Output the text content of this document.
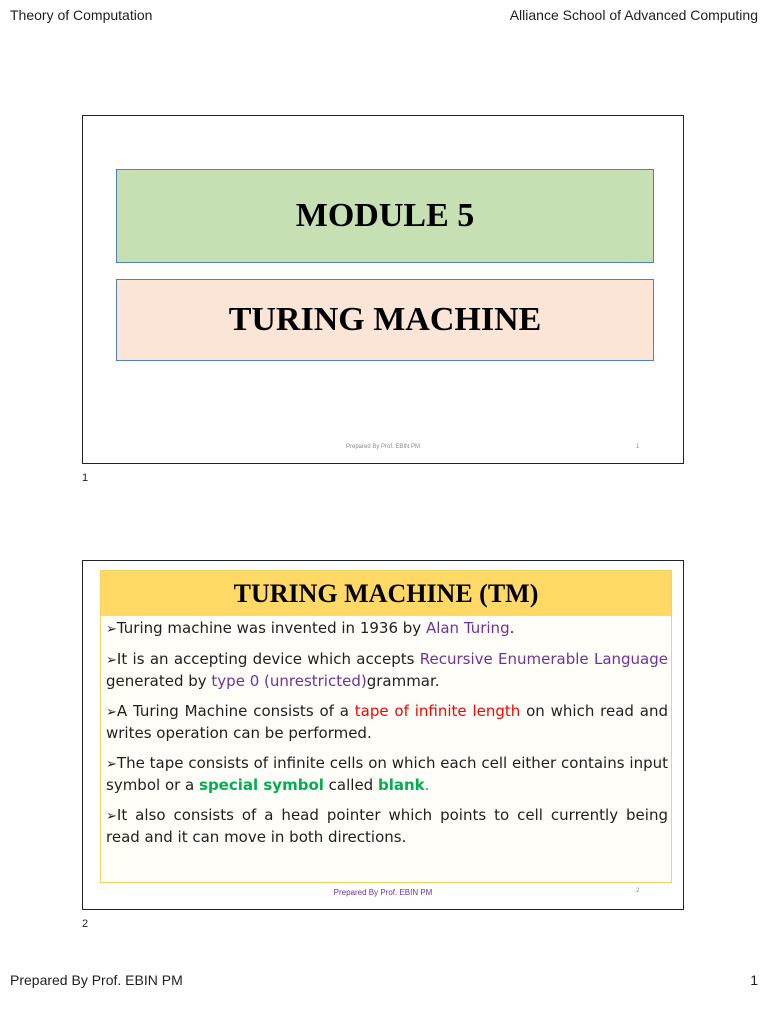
Theory of Computation	Alliance School of Advanced Computing
MODULE 5
TURING MACHINE
Prepared By Prof. EBIN PM	1
1
TURING MACHINE (TM)

➢Turing machine was invented in 1936 by Alan Turing.

➢It is an accepting device which accepts Recursive Enumerable Language generated by type 0 (unrestricted)grammar.

➢A Turing Machine consists of a tape of infinite length on which read and writes operation can be performed.

➢The tape consists of infinite cells on which each cell either contains input symbol or a special symbol called blank.

➢It also consists of a head pointer which points to cell currently being read and it can move in both directions.

Prepared By Prof. EBIN PM	2
2
Prepared By Prof. EBIN PM	1
